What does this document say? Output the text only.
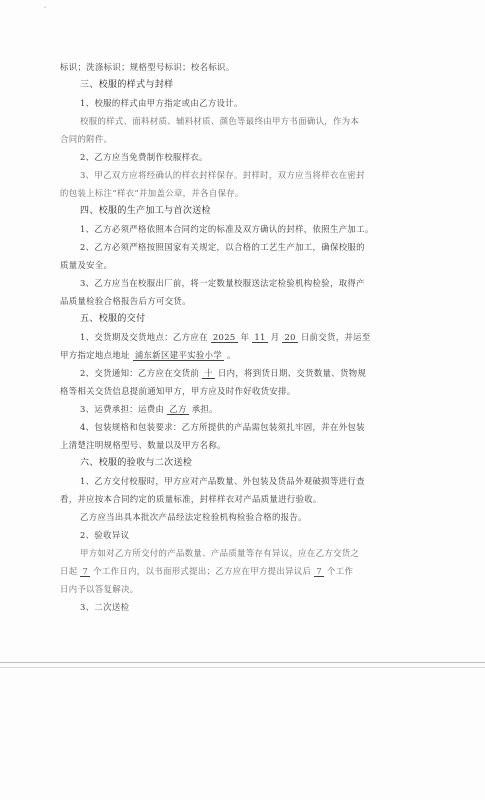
‘
标识；洗涤标识；规格型号标识；校名标识。
三、校服的样式与封样
1、校服的样式由甲方指定或由乙方设计。
校服的样式、面料材质、辅料材质、颜色等最终由甲方书面确认，作为本
合同的附件。
2、乙方应当免费制作校服样衣。
3、甲乙双方应将经确认的样衣封样保存。封样时，双方应当将样衣在密封
的包装上标注“样衣”并加盖公章，并各自保存。
四、校服的生产加工与首次送检
1、乙方必须严格依照本合同约定的标准及双方确认的封样，依照生产加工。
2、乙方必须严格按照国家有关规定，以合格的工艺生产加工，确保校服的
质量及安全。
3、乙方应当在校服出厂前，将一定数量校服送法定检验机构检验，取得产
品质量检验合格报告后方可交货。
五、校服的交付
1、交货期及交货地点：乙方应在 2025 年 11 月 20 日前交货，并运至
甲方指定地点地址 浦东新区建平实验小学 。
2、交货通知：乙方应在交货前 十 日内，将到货日期、交货数量、货物规
格等相关交货信息提前通知甲方，甲方应及时作好收货安排。
3、运费承担：运费由 乙方 承担。
4、包装规格和包装要求：乙方所提供的产品需包装须扎牢固，并在外包装
上清楚注明规格型号、数量以及甲方名称。
六、校服的验收与二次送检
1、乙方交付校服时，甲方应对产品数量、外包装及货品外观破损等进行查
看，并应按本合同约定的质量标准，封样样衣对产品质量进行验收。
乙方应当出具本批次产品经法定检验机构检验合格的报告。
2、验收异议
甲方如对乙方所交付的产品数量、产品质量等存有异议，应在乙方交货之
日起 7 个工作日内，以书面形式提出；乙方应在甲方提出异议后 7 个工作
日内予以答复解决。
3、二次送检
